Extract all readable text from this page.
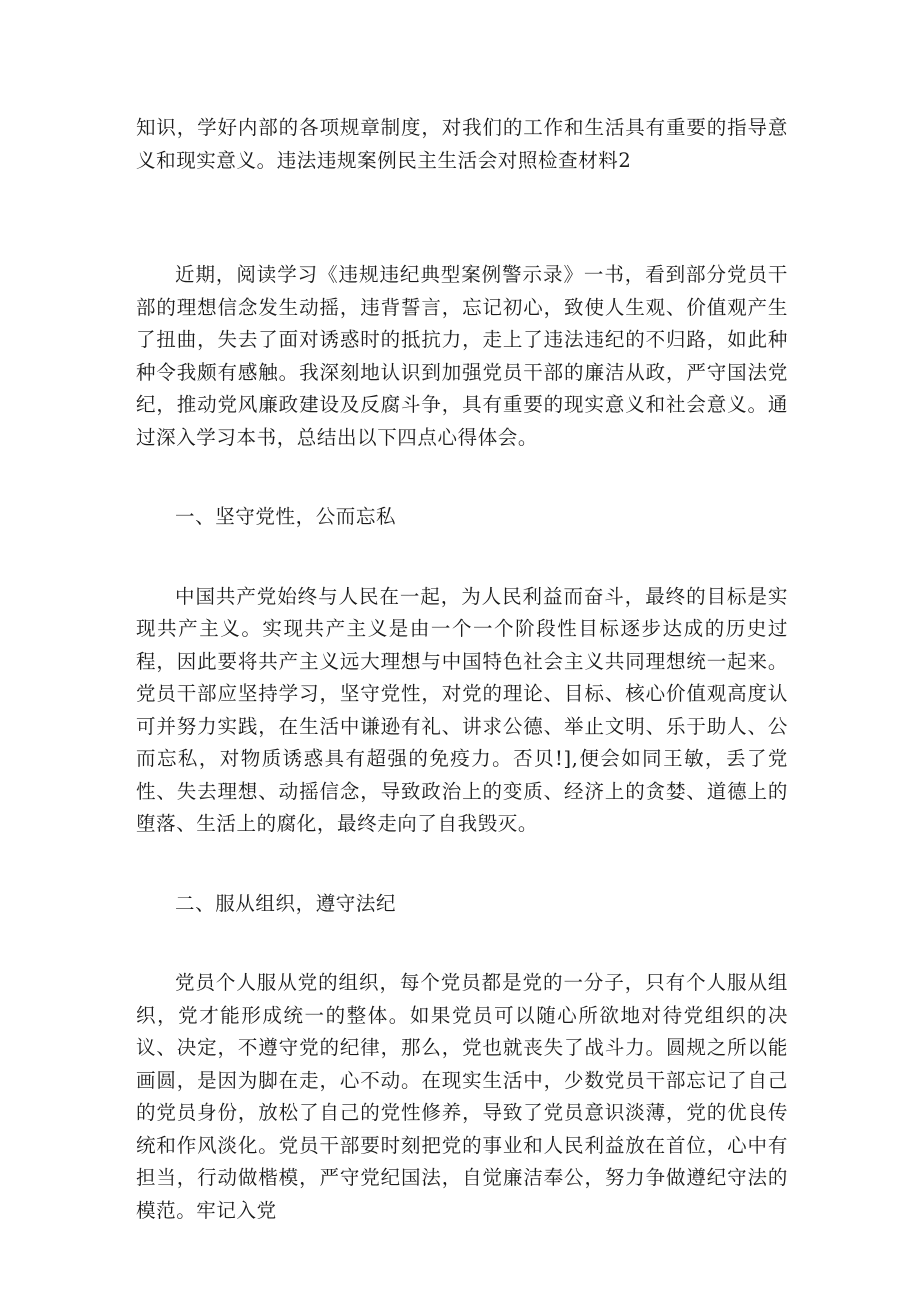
知识，学好内部的各项规章制度，对我们的工作和生活具有重要的指导意义和现实意义。违法违规案例民主生活会对照检查材料2

近期，阅读学习《违规违纪典型案例警示录》一书，看到部分党员干部的理想信念发生动摇，违背誓言，忘记初心，致使人生观、价值观产生了扭曲，失去了面对诱惑时的抵抗力，走上了违法违纪的不归路，如此种种令我颇有感触。我深刻地认识到加强党员干部的廉洁从政，严守国法党纪，推动党风廉政建设及反腐斗争，具有重要的现实意义和社会意义。通过深入学习本书，总结出以下四点心得体会。

一、坚守党性，公而忘私

中国共产党始终与人民在一起，为人民利益而奋斗，最终的目标是实现共产主义。实现共产主义是由一个一个阶段性目标逐步达成的历史过程，因此要将共产主义远大理想与中国特色社会主义共同理想统一起来。党员干部应坚持学习，坚守党性，对党的理论、目标、核心价值观高度认可并努力实践，在生活中谦逊有礼、讲求公德、举止文明、乐于助人、公而忘私，对物质诱惑具有超强的免疫力。否贝!],便会如同王敏，丢了党性、失去理想、动摇信念，导致政治上的变质、经济上的贪婪、道德上的堕落、生活上的腐化，最终走向了自我毁灭。

二、服从组织，遵守法纪

党员个人服从党的组织，每个党员都是党的一分子，只有个人服从组织，党才能形成统一的整体。如果党员可以随心所欲地对待党组织的决议、决定，不遵守党的纪律，那么，党也就丧失了战斗力。圆规之所以能画圆，是因为脚在走，心不动。在现实生活中，少数党员干部忘记了自己的党员身份，放松了自己的党性修养，导致了党员意识淡薄，党的优良传统和作风淡化。党员干部要时刻把党的事业和人民利益放在首位，心中有担当，行动做楷模，严守党纪国法，自觉廉洁奉公，努力争做遵纪守法的模范。牢记入党
